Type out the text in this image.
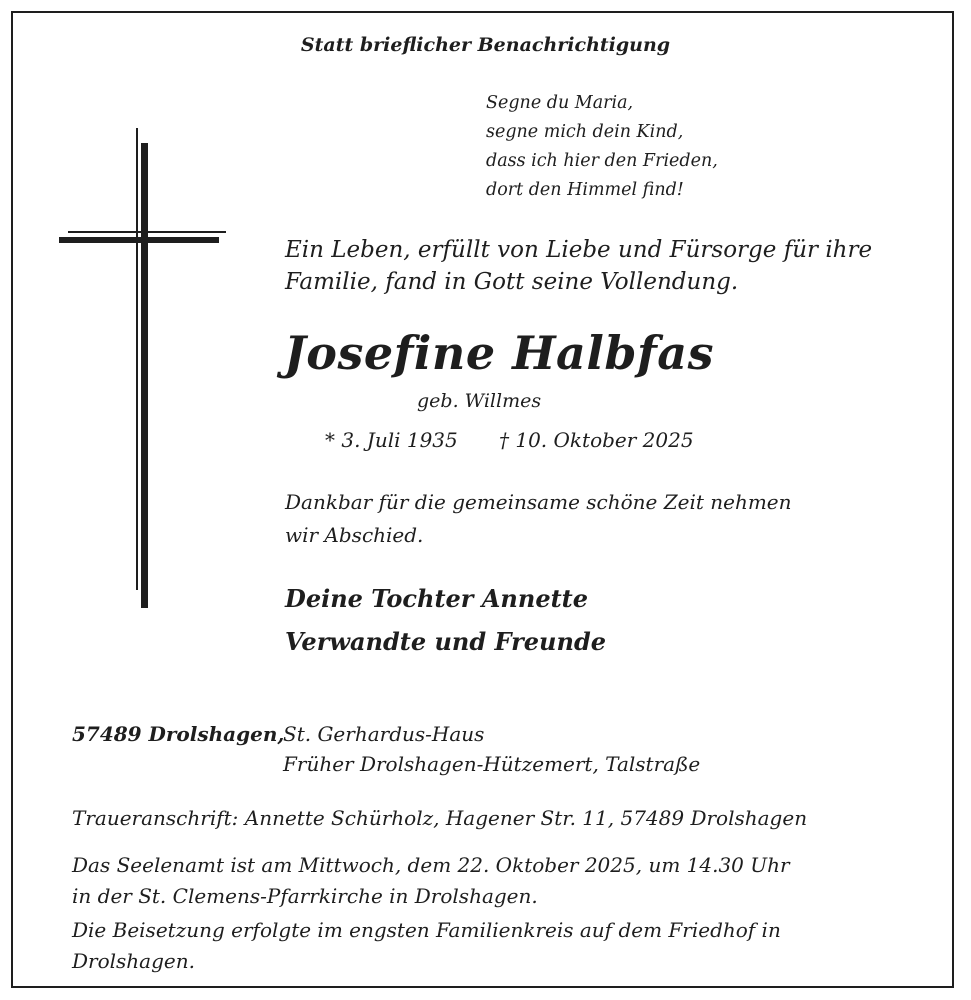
Statt brieflicher Benachrichtigung
Segne du Maria,
segne mich dein Kind,
dass ich hier den Frieden,
dort den Himmel find!
Ein Leben, erfüllt von Liebe und Fürsorge für ihre
Familie, fand in Gott seine Vollendung.
Josefine Halbfas
geb. Willmes
* 3. Juli 1935 † 10. Oktober 2025
Dankbar für die gemeinsame schöne Zeit nehmen
wir Abschied.
Deine Tochter Annette
Verwandte und Freunde
57489 Drolshagen,
St. Gerhardus-Haus
Früher Drolshagen-Hützemert, Talstraße
Traueranschrift: Annette Schürholz, Hagener Str. 11, 57489 Drolshagen
Das Seelenamt ist am Mittwoch, dem 22. Oktober 2025, um 14.30 Uhr
in der St. Clemens-Pfarrkirche in Drolshagen.
Die Beisetzung erfolgte im engsten Familienkreis auf dem Friedhof in
Drolshagen.
